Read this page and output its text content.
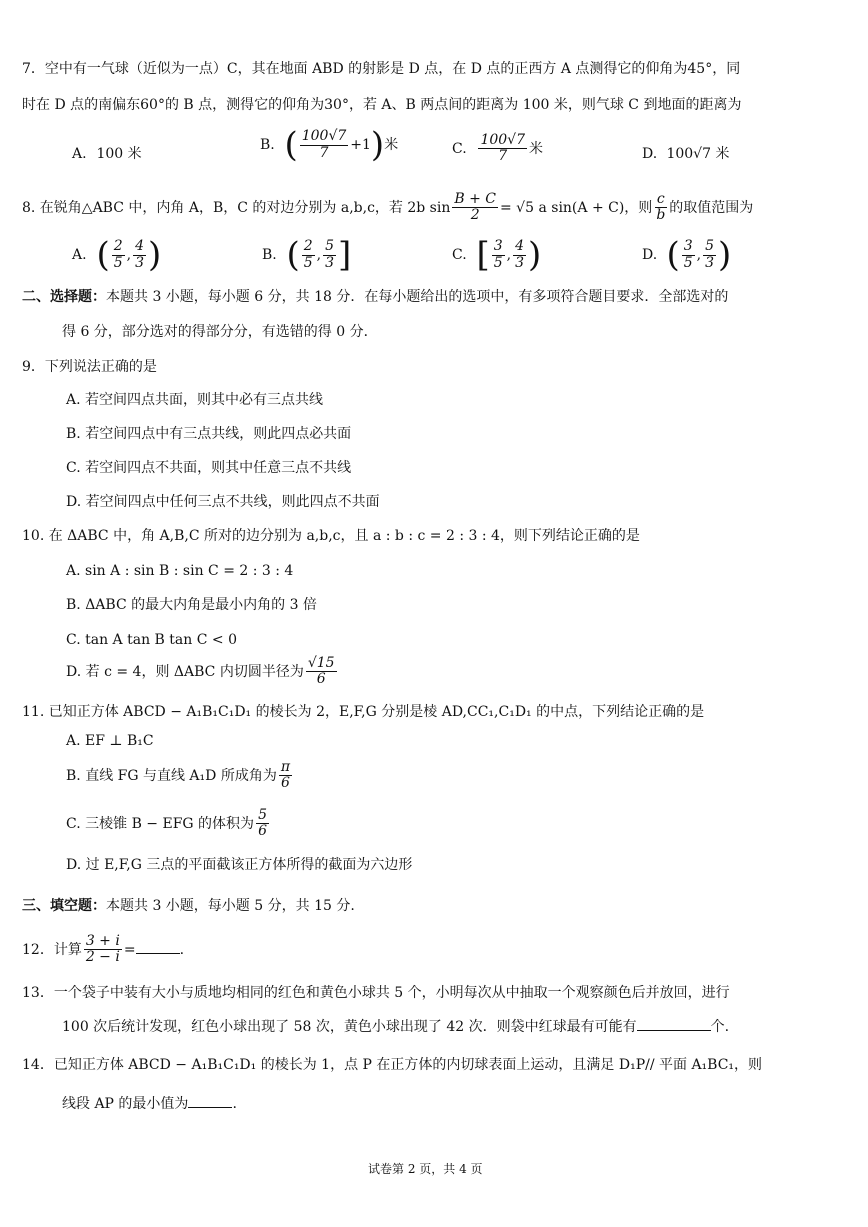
7．空中有一气球（近似为一点）C，其在地面 ABD 的射影是 D 点，在 D 点的正西方 A 点测得它的仰角为45°，同
时在 D 点的南偏东60°的 B 点，测得它的仰角为30°，若 A、B 两点间的距离为 100 米，则气球 C 到地面的距离为
A. 100 米
B. ( $\frac{100√7}{7} +1$)米	C. $\frac{100√7}{7}$ 米	D. 100√7 米
8. 在锐角△ABC 中，内角 A，B，C 的对边分别为 a,b,c，若 2b $\sin \frac{B + C}{2} = √5$ a sin(A + C)，则 $\frac{c}{b}$ 的取值范围为
A. ( $\frac{2}{5}$ , $\frac{4}{3}$ )	B. ( $\frac{2}{5}$ , $\frac{5}{3}$ ]	C. [ $\frac{3}{5}$ , $\frac{4}{3}$ )	D. ( $\frac{3}{5}$ , $\frac{5}{3}$ )
二、选择题：本题共 3 小题，每小题 6 分，共 18 分．在每小题给出的选项中，有多项符合题目要求．全部选对的
得 6 分，部分选对的得部分分，有选错的得 0 分．
9．下列说法正确的是
A. 若空间四点共面，则其中必有三点共线
B. 若空间四点中有三点共线，则此四点必共面
C. 若空间四点不共面，则其中任意三点不共线
D. 若空间四点中任何三点不共线，则此四点不共面
10. 在 ΔABC 中，角 A,B,C 所对的边分别为 a,b,c，且 a : b : c = 2 : 3 : 4，则下列结论正确的是
A. sin A : sin B : sin C = 2 : 3 : 4
B. ΔABC 的最大内角是最小内角的 3 倍
C. tan A tan B tan C < 0
D. 若 c = 4，则 ΔABC 内切圆半径为 $\frac{√15}{6}$
11. 已知正方体 ABCD − A₁B₁C₁D₁ 的棱长为 2，E,F,G 分别是棱 AD,CC₁,C₁D₁ 的中点，下列结论正确的是
A. EF ⊥ B₁C
B. 直线 FG 与直线 A₁D 所成角为 $\frac{\pi}{6}$
C. 三棱锥 B − EFG 的体积为 $\frac{5}{6}$
D. 过 E,F,G 三点的平面截该正方体所得的截面为六边形
三、填空题：本题共 3 小题，每小题 5 分，共 15 分.
12．计算 $\frac{3 + i}{2 - i}$ =	.
13．一个袋子中装有大小与质地均相同的红色和黄色小球共 5 个，小明每次从中抽取一个观察颜色后并放回，进行
100 次后统计发现，红色小球出现了 58 次，黄色小球出现了 42 次．则袋中红球最有可能有	个.
14．已知正方体 ABCD − A₁B₁C₁D₁ 的棱长为 1，点 P 在正方体的内切球表面上运动，且满足 D₁P// 平面 A₁BC₁，则
线段 AP 的最小值为	.
试卷第 2 页，共 4 页
